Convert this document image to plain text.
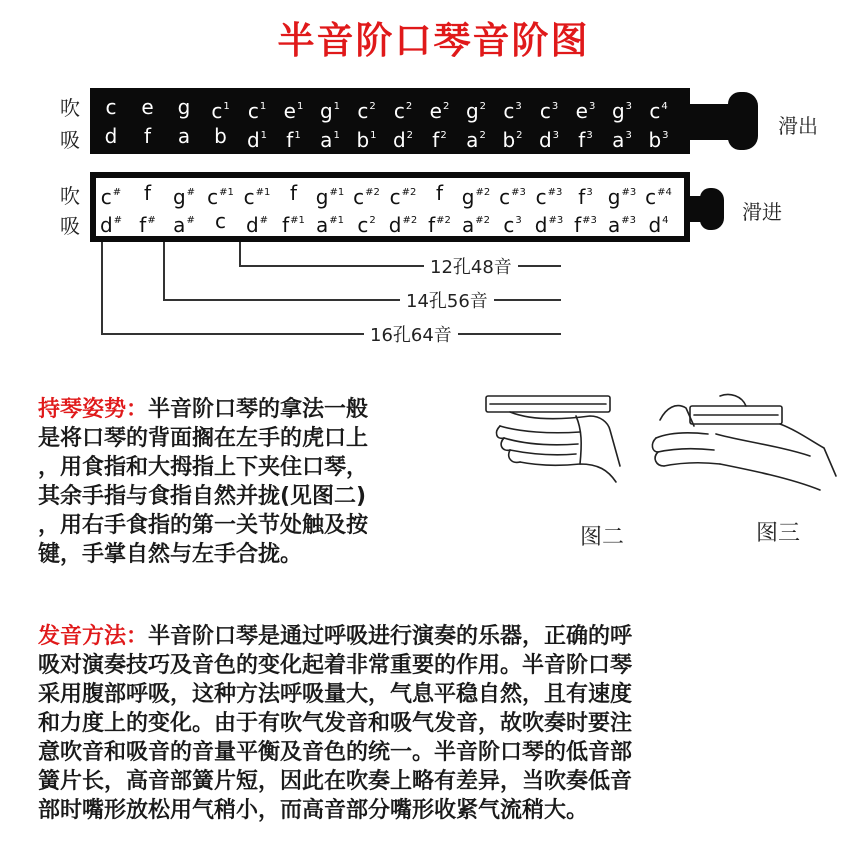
半音阶口琴音阶图
吹
吸
c	e	g	$c^1$ $c^1$ $e^1$ $g^1$ $c^2$ $c^2$ $e^2$ $g^2$ $c^3$ $c^3$ $e^3$ $g^3$ $c^4$
d	f	a	b	$d^1$ $f^1$ $a^1$ $b^1$ $d^2$ $f^2$ $a^2$ $b^2$ $d^3$ $f^3$ $a^3$ $b^3$	滑出
吹
吸
c#	f	g# $c^{\#1}$ $c^{\#1}$ f $g^{\#1}$ $c^{\#2}$ $c^{\#2}$ f $g^{\#2}$ $c^{\#3}$ $c^{\#3}$ $f^3$ $g^{\#3}$ $c^{\#4}$
d# f# a#	c d# $f^{\#1}$ $a^{\#1}$ $c^2$ $d^{\#2}$ $f^{\#2}$ $a^{\#2}$ $c^3$ $d^{\#3}$ $f^{\#3}$ $a^{\#3}$ $d^4$	滑进
12孔48音
14孔56音
16孔64音
持琴姿势：半音阶口琴的拿法一般
是将口琴的背面搁在左手的虎口上
，用食指和大拇指上下夹住口琴，
其余手指与食指自然并拢(见图二)
，用右手食指的第一关节处触及按
键，手掌自然与左手合拢。
图二	图三
发音方法：半音阶口琴是通过呼吸进行演奏的乐器，正确的呼
吸对演奏技巧及音色的变化起着非常重要的作用。半音阶口琴
采用腹部呼吸，这种方法呼吸量大，气息平稳自然，且有速度
和力度上的变化。由于有吹气发音和吸气发音，故吹奏时要注
意吹音和吸音的音量平衡及音色的统一。半音阶口琴的低音部
簧片长，高音部簧片短，因此在吹奏上略有差异，当吹奏低音
部时嘴形放松用气稍小，而高音部分嘴形收紧气流稍大。
